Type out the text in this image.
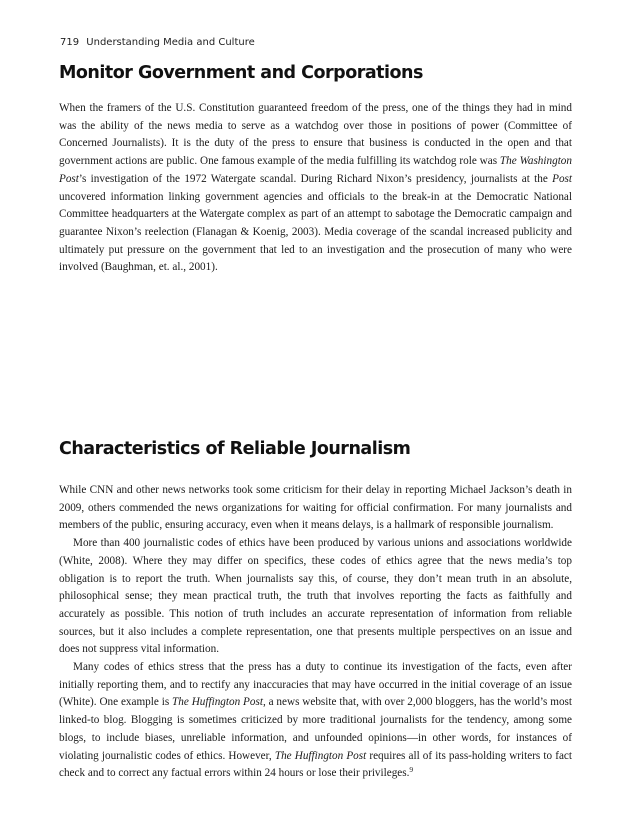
719 Understanding Media and Culture
Monitor Government and Corporations

When the framers of the U.S. Constitution guaranteed freedom of the press, one of the things they had in mind was the ability of the news media to serve as a watchdog over those in positions of power (Committee of Concerned Journalists). It is the duty of the press to ensure that business is conducted in the open and that government actions are public. One famous example of the media fulfilling its watchdog role was The Washington Post’s investigation of the 1972 Watergate scandal. During Richard Nixon’s presidency, journalists at the Post uncovered information linking government agencies and officials to the break-in at the Democratic National Committee headquarters at the Watergate complex as part of an attempt to sabotage the Democratic campaign and guarantee Nixon’s reelection (Flanagan & Koenig, 2003). Media coverage of the scandal increased publicity and ultimately put pressure on the government that led to an investigation and the prosecution of many who were involved (Baughman, et. al., 2001).

Characteristics of Reliable Journalism

While CNN and other news networks took some criticism for their delay in reporting Michael Jackson’s death in 2009, others commended the news organizations for waiting for official confirmation. For many journalists and members of the public, ensuring accuracy, even when it means delays, is a hallmark of responsible journalism.

More than 400 journalistic codes of ethics have been produced by various unions and associations worldwide (White, 2008). Where they may differ on specifics, these codes of ethics agree that the news media’s top obligation is to report the truth. When journalists say this, of course, they don’t mean truth in an absolute, philosophical sense; they mean practical truth, the truth that involves reporting the facts as faithfully and accurately as possible. This notion of truth includes an accurate representation of information from reliable sources, but it also includes a complete representation, one that presents multiple perspectives on an issue and does not suppress vital information.

Many codes of ethics stress that the press has a duty to continue its investigation of the facts, even after initially reporting them, and to rectify any inaccuracies that may have occurred in the initial coverage of an issue (White). One example is The Huffington Post, a news website that, with over 2,000 bloggers, has the world’s most linked-to blog. Blogging is sometimes criticized by more traditional journalists for the tendency, among some blogs, to include biases, unreliable information, and unfounded opinions—in other words, for instances of violating journalistic codes of ethics. However, The Huffington Post requires all of its pass-holding writers to fact check and to correct any factual errors within 24 hours or lose their privileges.$^9$
